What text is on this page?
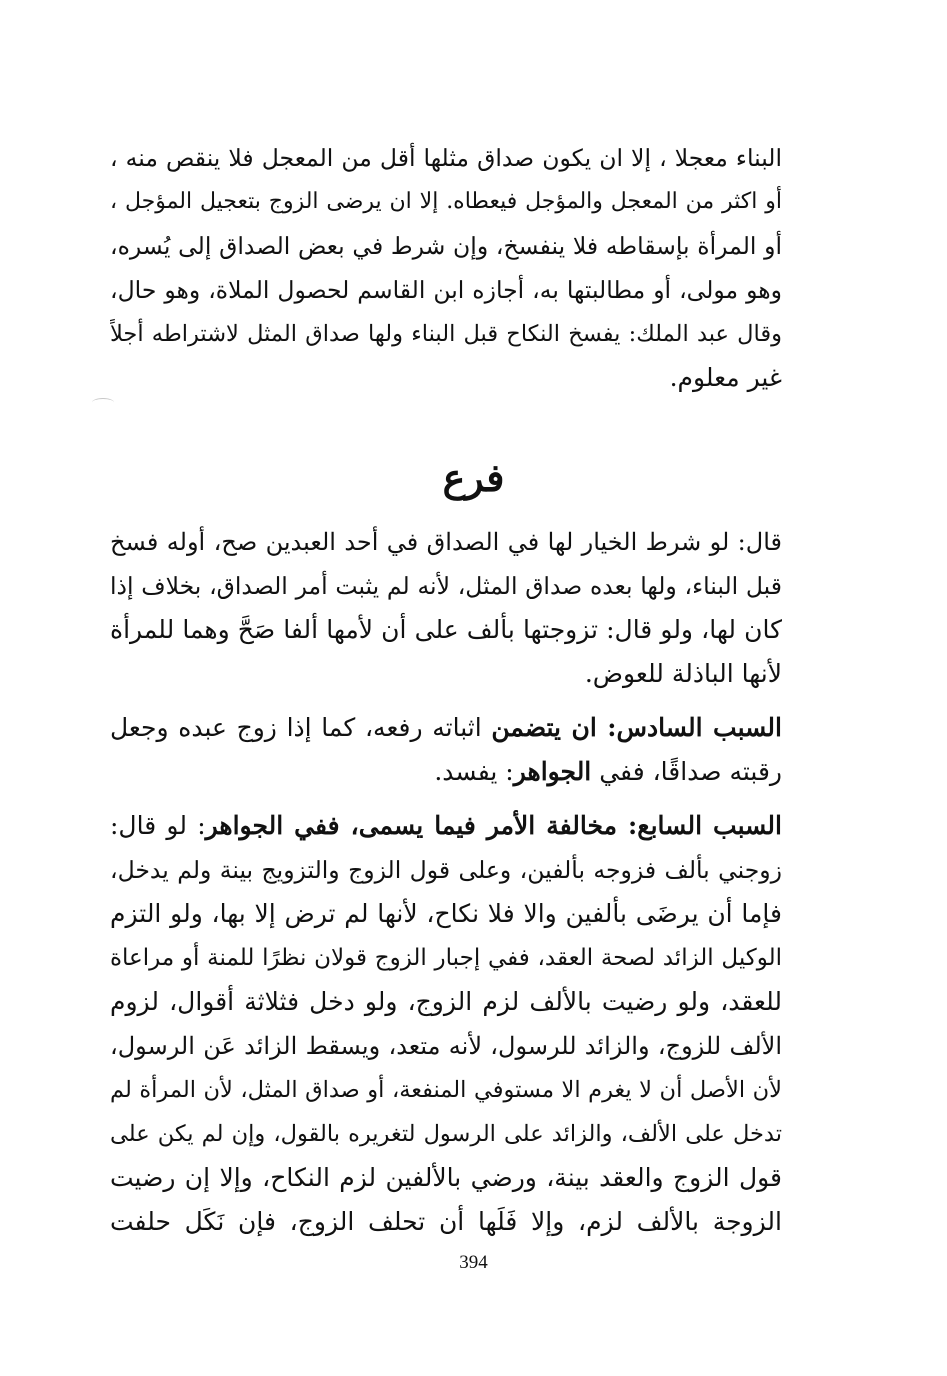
البناء معجلا ، إلا ان يكون صداق مثلها أقل من المعجل فلا ينقص منه ،
أو اكثر من المعجل والمؤجل فيعطاه. إلا ان يرضى الزوج بتعجيل المؤجل ،
أو المرأة بإسقاطه فلا ينفسخ، وإن شرط في بعض الصداق إلى يُسره،
وهو مولى، أو مطالبتها به، أجازه ابن القاسم لحصول الملاة، وهو حال،
وقال عبد الملك: يفسخ النكاح قبل البناء ولها صداق المثل لاشتراطه أجلاً
غير معلوم.
فرع
قال: لو شرط الخيار لها في الصداق في أحد العبدين صح، أوله فسخ
قبل البناء، ولها بعده صداق المثل، لأنه لم يثبت أمر الصداق، بخلاف إذا
كان لها، ولو قال: تزوجتها بألف على أن لأمها ألفا صَحَّ وهما للمرأة
لأنها الباذلة للعوض.
السبب السادس: ان يتضمن اثباته رفعه، كما إذا زوج عبده وجعل
رقبته صداقًا، ففي الجواهر: يفسد.
السبب السابع: مخالفة الأمر فيما يسمى، ففي الجواهر: لو قال:
زوجني بألف فزوجه بألفين، وعلى قول الزوج والتزويج بينة ولم يدخل،
فإما أن يرضَى بألفين والا فلا نكاح، لأنها لم ترض إلا بها، ولو التزم
الوكيل الزائد لصحة العقد، ففي إجبار الزوج قولان نظرًا للمنة أو مراعاة
للعقد، ولو رضيت بالألف لزم الزوج، ولو دخل فثلاثة أقوال، لزوم
الألف للزوج، والزائد للرسول، لأنه متعد، ويسقط الزائد عَن الرسول،
لأن الأصل أن لا يغرم الا مستوفي المنفعة، أو صداق المثل، لأن المرأة لم
تدخل على الألف، والزائد على الرسول لتغريره بالقول، وإن لم يكن على
قول الزوج والعقد بينة، ورضي بالألفين لزم النكاح، وإلا إن رضيت
الزوجة بالألف لزم، وإلا فَلَها أن تحلف الزوج، فإن نَكَل حلفت
394
